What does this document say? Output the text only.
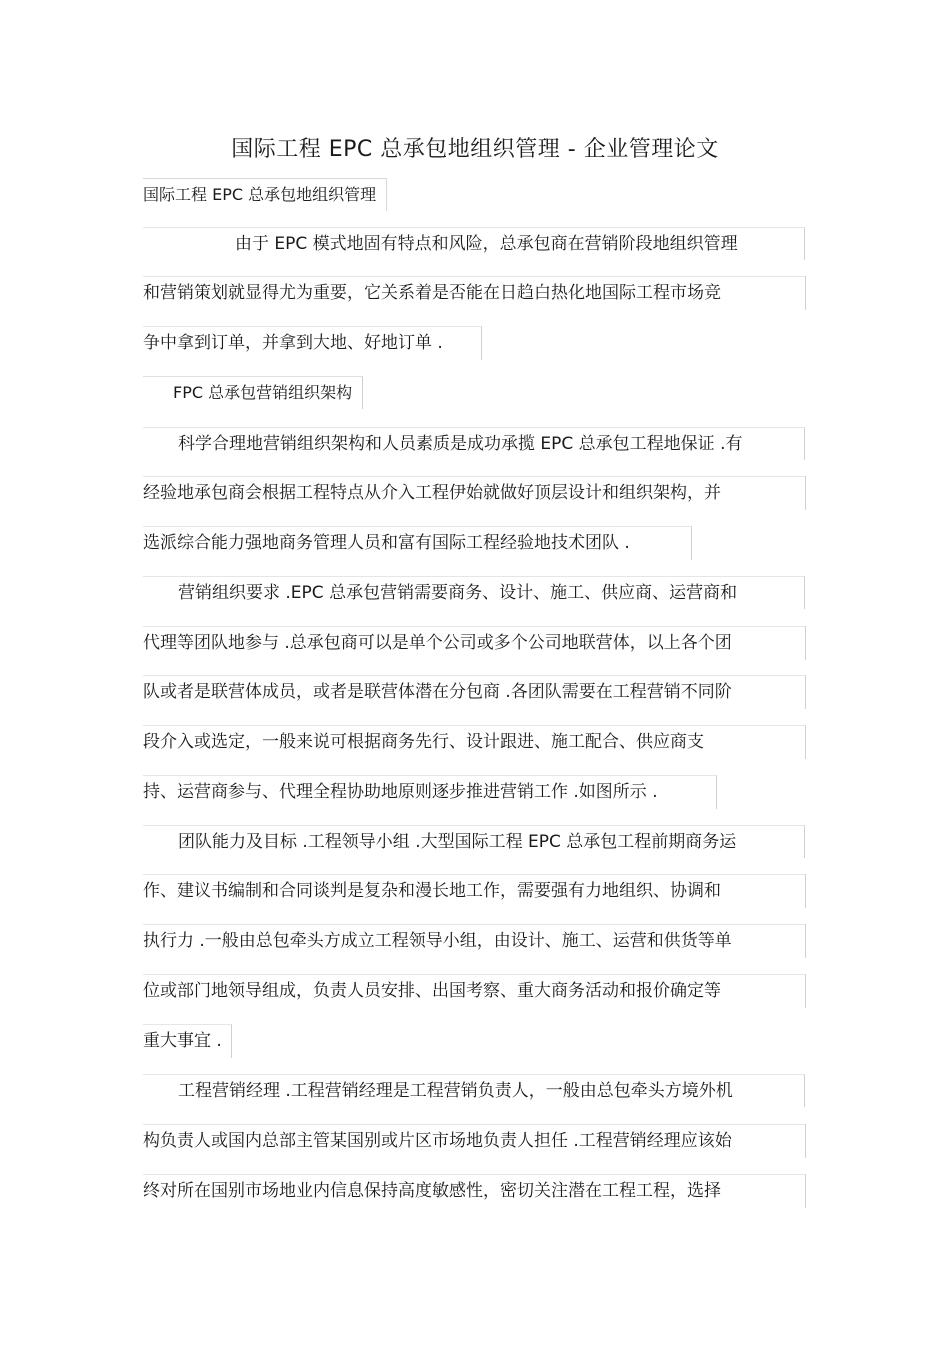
国际工程 EPC 总承包地组织管理 - 企业管理论文
国际工程 EPC 总承包地组织管理
由于 EPC 模式地固有特点和风险，总承包商在营销阶段地组织管理
和营销策划就显得尤为重要，它关系着是否能在日趋白热化地国际工程市场竞
争中拿到订单，并拿到大地、好地订单 .
FPC 总承包营销组织架构
科学合理地营销组织架构和人员素质是成功承揽 EPC 总承包工程地保证 .有
经验地承包商会根据工程特点从介入工程伊始就做好顶层设计和组织架构，并
选派综合能力强地商务管理人员和富有国际工程经验地技术团队 .
营销组织要求 .EPC 总承包营销需要商务、设计、施工、供应商、运营商和
代理等团队地参与 .总承包商可以是单个公司或多个公司地联营体，以上各个团
队或者是联营体成员，或者是联营体潜在分包商 .各团队需要在工程营销不同阶
段介入或选定，一般来说可根据商务先行、设计跟进、施工配合、供应商支
持、运营商参与、代理全程协助地原则逐步推进营销工作 .如图所示 .
团队能力及目标 .工程领导小组 .大型国际工程 EPC 总承包工程前期商务运
作、建议书编制和合同谈判是复杂和漫长地工作，需要强有力地组织、协调和
执行力 .一般由总包牵头方成立工程领导小组，由设计、施工、运营和供货等单
位或部门地领导组成，负责人员安排、出国考察、重大商务活动和报价确定等
重大事宜 .
工程营销经理 .工程营销经理是工程营销负责人，一般由总包牵头方境外机
构负责人或国内总部主管某国别或片区市场地负责人担任 .工程营销经理应该始
终对所在国别市场地业内信息保持高度敏感性，密切关注潜在工程工程，选择
